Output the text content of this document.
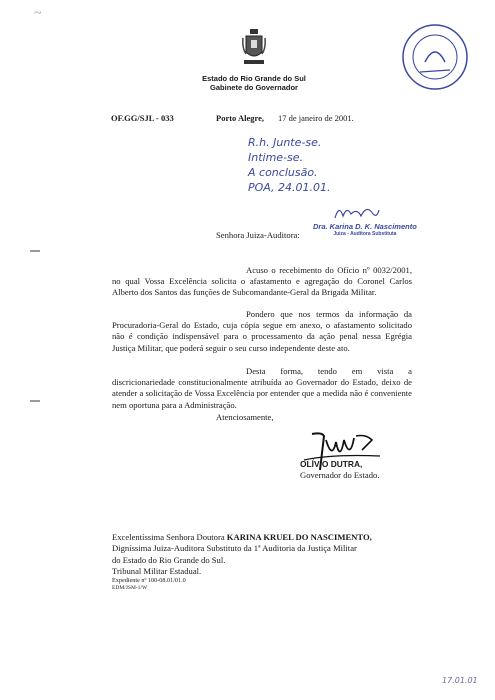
~
Estado do Rio Grande do Sul
Gabinete do Governador
OF.GG/SJL - 033	Porto Alegre, 17 de janeiro de 2001.
R.h. Junte-se.
Intime-se.
A conclusão.
POA, 24.01.01.
Senhora Juiza-Auditora:
Dra. Karina D. K. Nascimento
Juiza - Auditora Substituta
Acuso o recebimento do Ofício nº 0032/2001, no qual Vossa Excelência solicita o afastamento e agregação do Coronel Carlos Alberto dos Santos das funções de Subcomandante-Geral da Brigada Militar.
Pondero que nos termos da informação da Procuradoria-Geral do Estado, cuja cópia segue em anexo, o afastamento solicitado não é condição indispensável para o processamento da ação penal nessa Egrégia Justiça Militar, que poderá seguir o seu curso independente deste ato.
Desta forma, tendo em vista a discricionariedade constitucionalmente atribuída ao Governador do Estado, deixo de atender a solicitação de Vossa Excelência por entender que a medida não é conveniente nem oportuna para a Administração.
Atenciosamente,
OLÍVIO DUTRA,
Governador do Estado.
Excelentíssima Senhora Doutora KARINA KRUEL DO NASCIMENTO,
Digníssima Juiza-Auditora Substituto da 1ª Auditoria da Justiça Militar
do Estado do Rio Grande do Sul.
Tribunal Militar Estadual.
Expediente nº 100-08.01/01.0
EDM/JSM-1/W
17.01.01
